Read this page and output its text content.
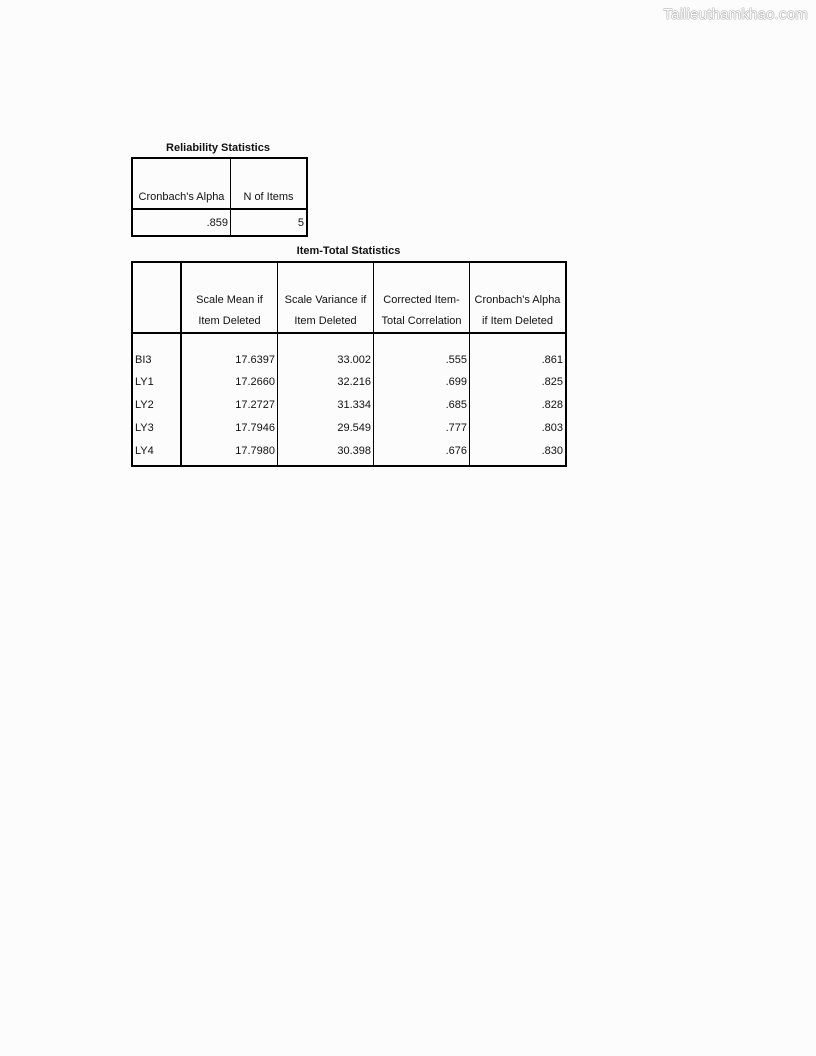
Tailieuthamkhao.com
Reliability Statistics
Cronbach's Alpha	N of Items
.859	5
Item-Total Statistics
	Scale Mean if Item Deleted	Scale Variance if Item Deleted	Corrected Item-Total Correlation	Cronbach's Alpha if Item Deleted
BI3	17.6397	33.002	.555	.861
LY1	17.2660	32.216	.699	.825
LY2	17.2727	31.334	.685	.828
LY3	17.7946	29.549	.777	.803
LY4	17.7980	30.398	.676	.830
